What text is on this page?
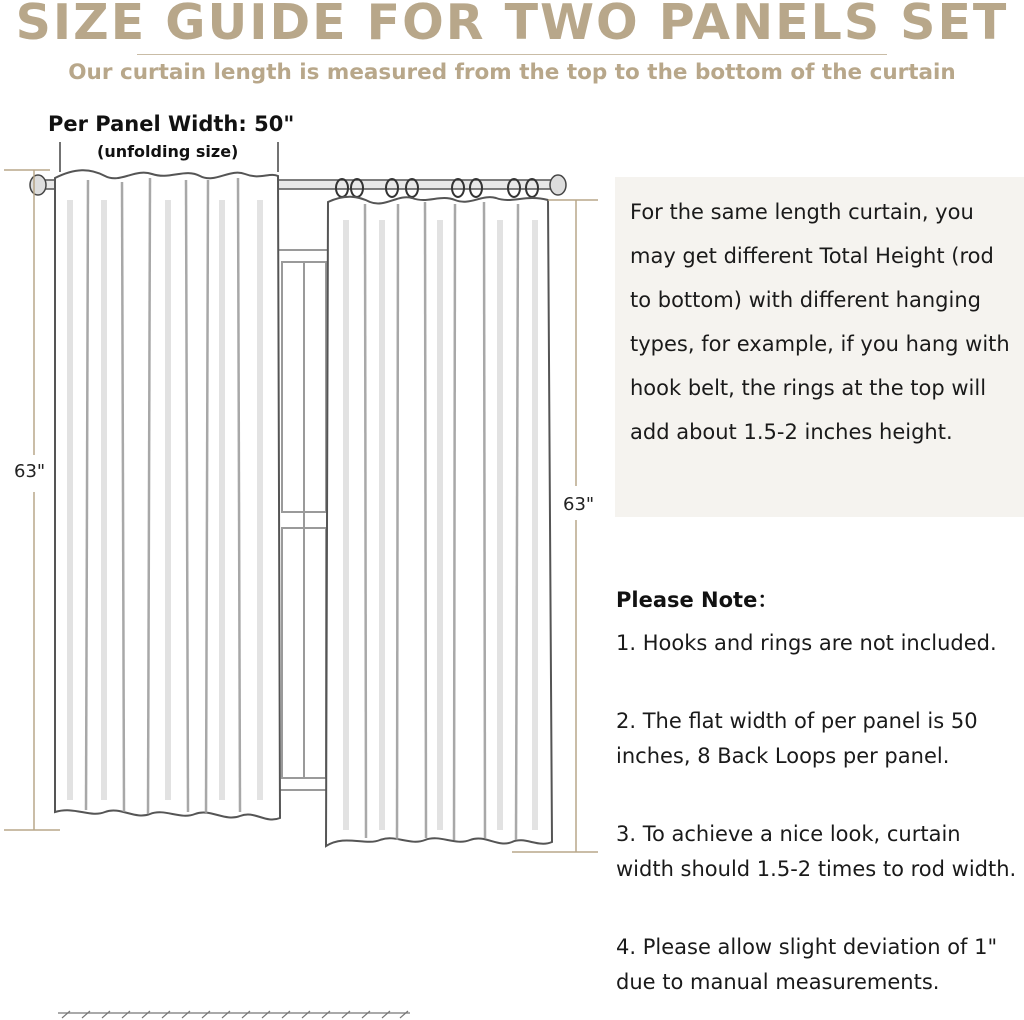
SIZE GUIDE FOR TWO PANELS SET
Our curtain length is measured from the top to the bottom of the curtain
Per Panel Width: 50"
(unfolding size)
63"
63"

For the same length curtain, you may get different Total Height (rod to bottom) with different hanging types, for example, if you hang with hook belt, the rings at the top will add about 1.5-2 inches height.

Please Note：

1. Hooks and rings are not included.

2. The flat width of per panel is 50 inches, 8 Back Loops per panel.

3. To achieve a nice look, curtain width should 1.5-2 times to rod width.

4. Please allow slight deviation of 1" due to manual measurements.
